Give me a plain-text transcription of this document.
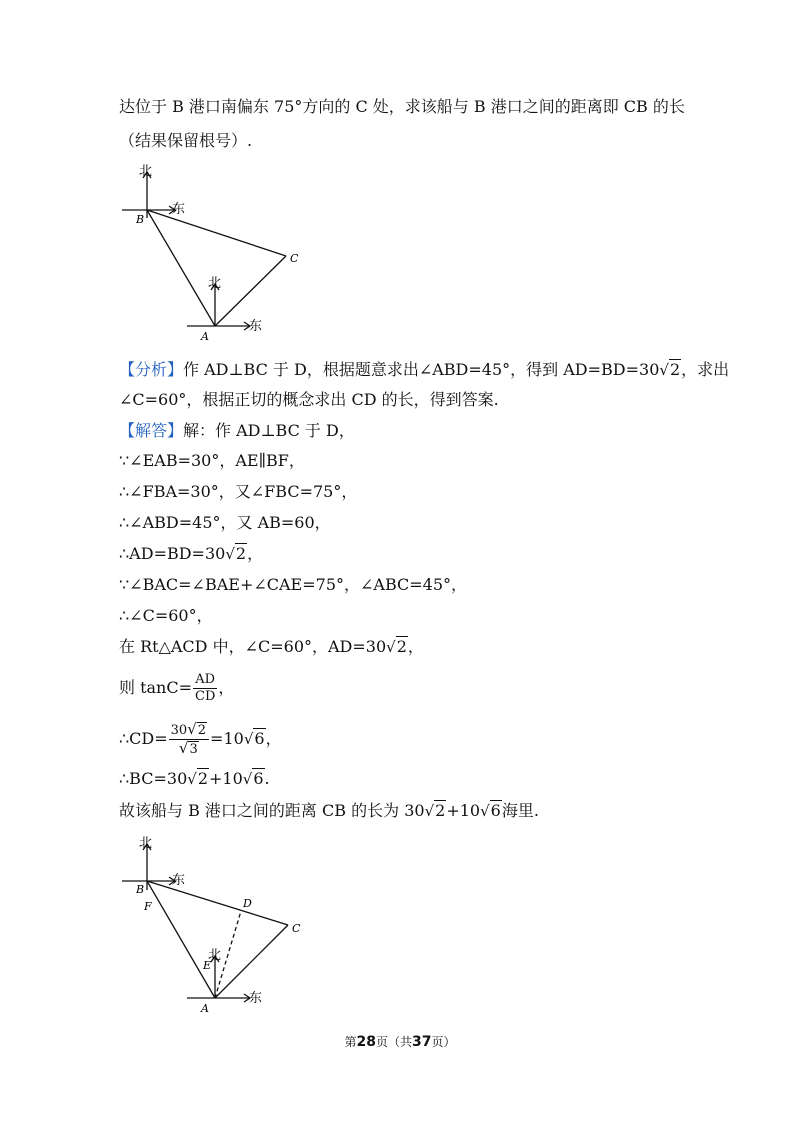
达位于 B 港口南偏东 75°方向的 C 处，求该船与 B 港口之间的距离即 CB 的长
（结果保留根号）.
北
东
北
东
B
C
A
【分析】作 AD⊥BC 于 D，根据题意求出∠ABD=45°，得到 AD=BD=30√2，求出
∠C=60°，根据正切的概念求出 CD 的长，得到答案.
【解答】解：作 AD⊥BC 于 D，
∵∠EAB=30°，AE∥BF，
∴∠FBA=30°，又∠FBC=75°，
∴∠ABD=45°，又 AB=60，
∴AD=BD=30√2，
∵∠BAC=∠BAE+∠CAE=75°，∠ABC=45°，
∴∠C=60°，
在 Rt△ACD 中，∠C=60°，AD=30√2，
则 $\tan C= \frac{AD}{CD}$ ，
∴CD= $\frac{30√2}{√3} =10√6$，
∴BC=30√2+10√6.
故该船与 B 港口之间的距离 CB 的长为 30√2+10√6海里.
北
东
北
东
B
F	D
C
E
A
第28页（共37页）
